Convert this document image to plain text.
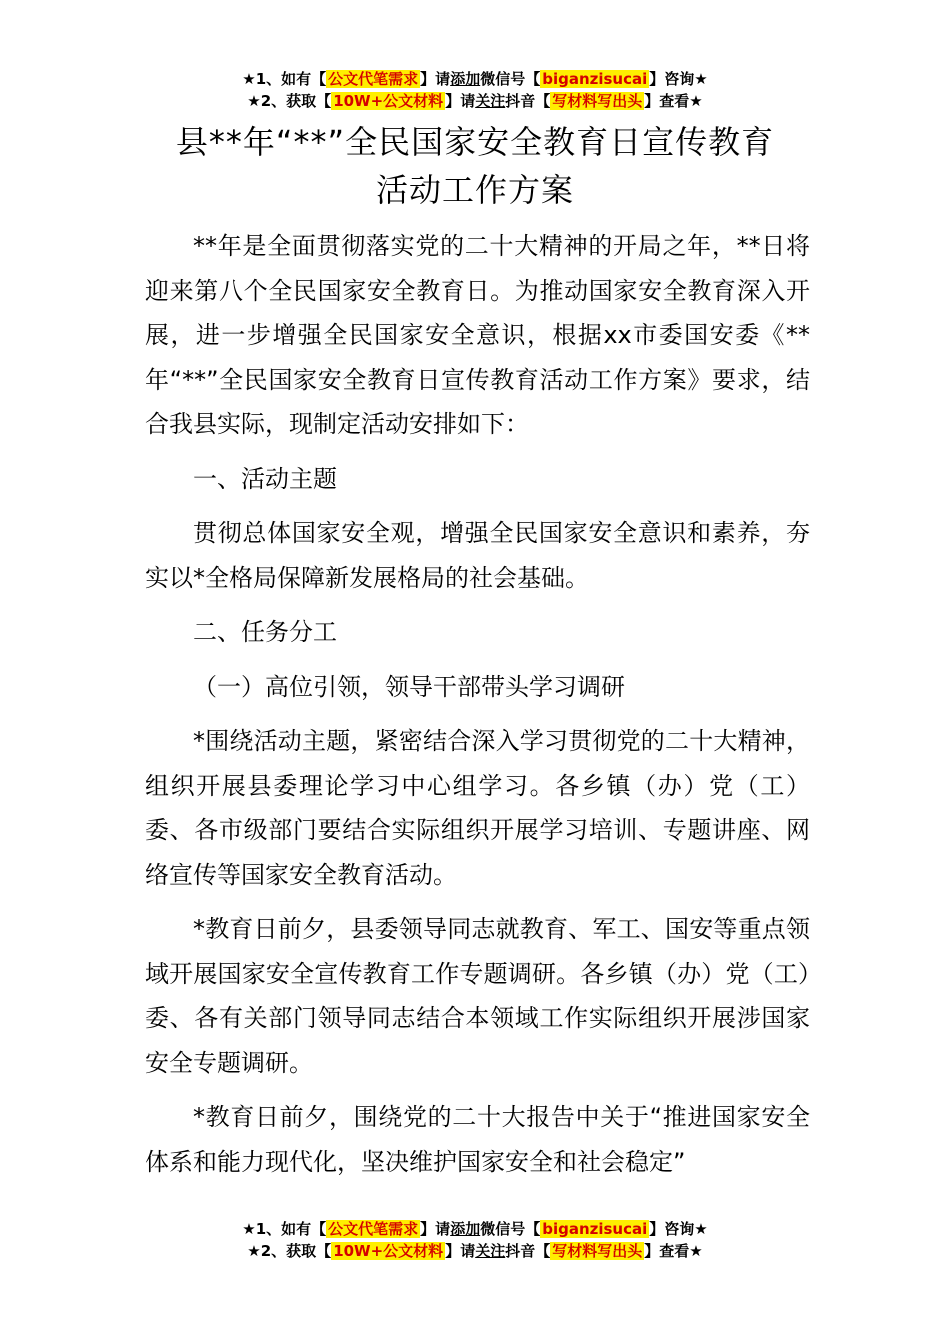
★1、如有【 公文代笔需求 】请添加微信号【 biganzisucai 】咨询★
★2、获取【 10W+公文材料 】请关注抖音【 写材料写出头 】查看★
县**年“**”全民国家安全教育日宣传教育
活动工作方案

**年是全面贯彻落实党的二十大精神的开局之年，**日将迎来第八个全民国家安全教育日。为推动国家安全教育深入开展，进一步增强全民国家安全意识，根据xx市委国安委《**年“**”全民国家安全教育日宣传教育活动工作方案》要求，结合我县实际，现制定活动安排如下：

一、活动主题

贯彻总体国家安全观，增强全民国家安全意识和素养，夯实以*全格局保障新发展格局的社会基础。

二、任务分工

（一）高位引领，领导干部带头学习调研

*围绕活动主题，紧密结合深入学习贯彻党的二十大精神，组织开展县委理论学习中心组学习。各乡镇（办）党（工）委、各市级部门要结合实际组织开展学习培训、专题讲座、网络宣传等国家安全教育活动。

*教育日前夕，县委领导同志就教育、军工、国安等重点领域开展国家安全宣传教育工作专题调研。各乡镇（办）党（工）委、各有关部门领导同志结合本领域工作实际组织开展涉国家安全专题调研。

*教育日前夕，围绕党的二十大报告中关于“推进国家安全体系和能力现代化，坚决维护国家安全和社会稳定”

★1、如有【 公文代笔需求 】请添加微信号【 biganzisucai 】咨询★
★2、获取【 10W+公文材料 】请关注抖音【 写材料写出头 】查看★
